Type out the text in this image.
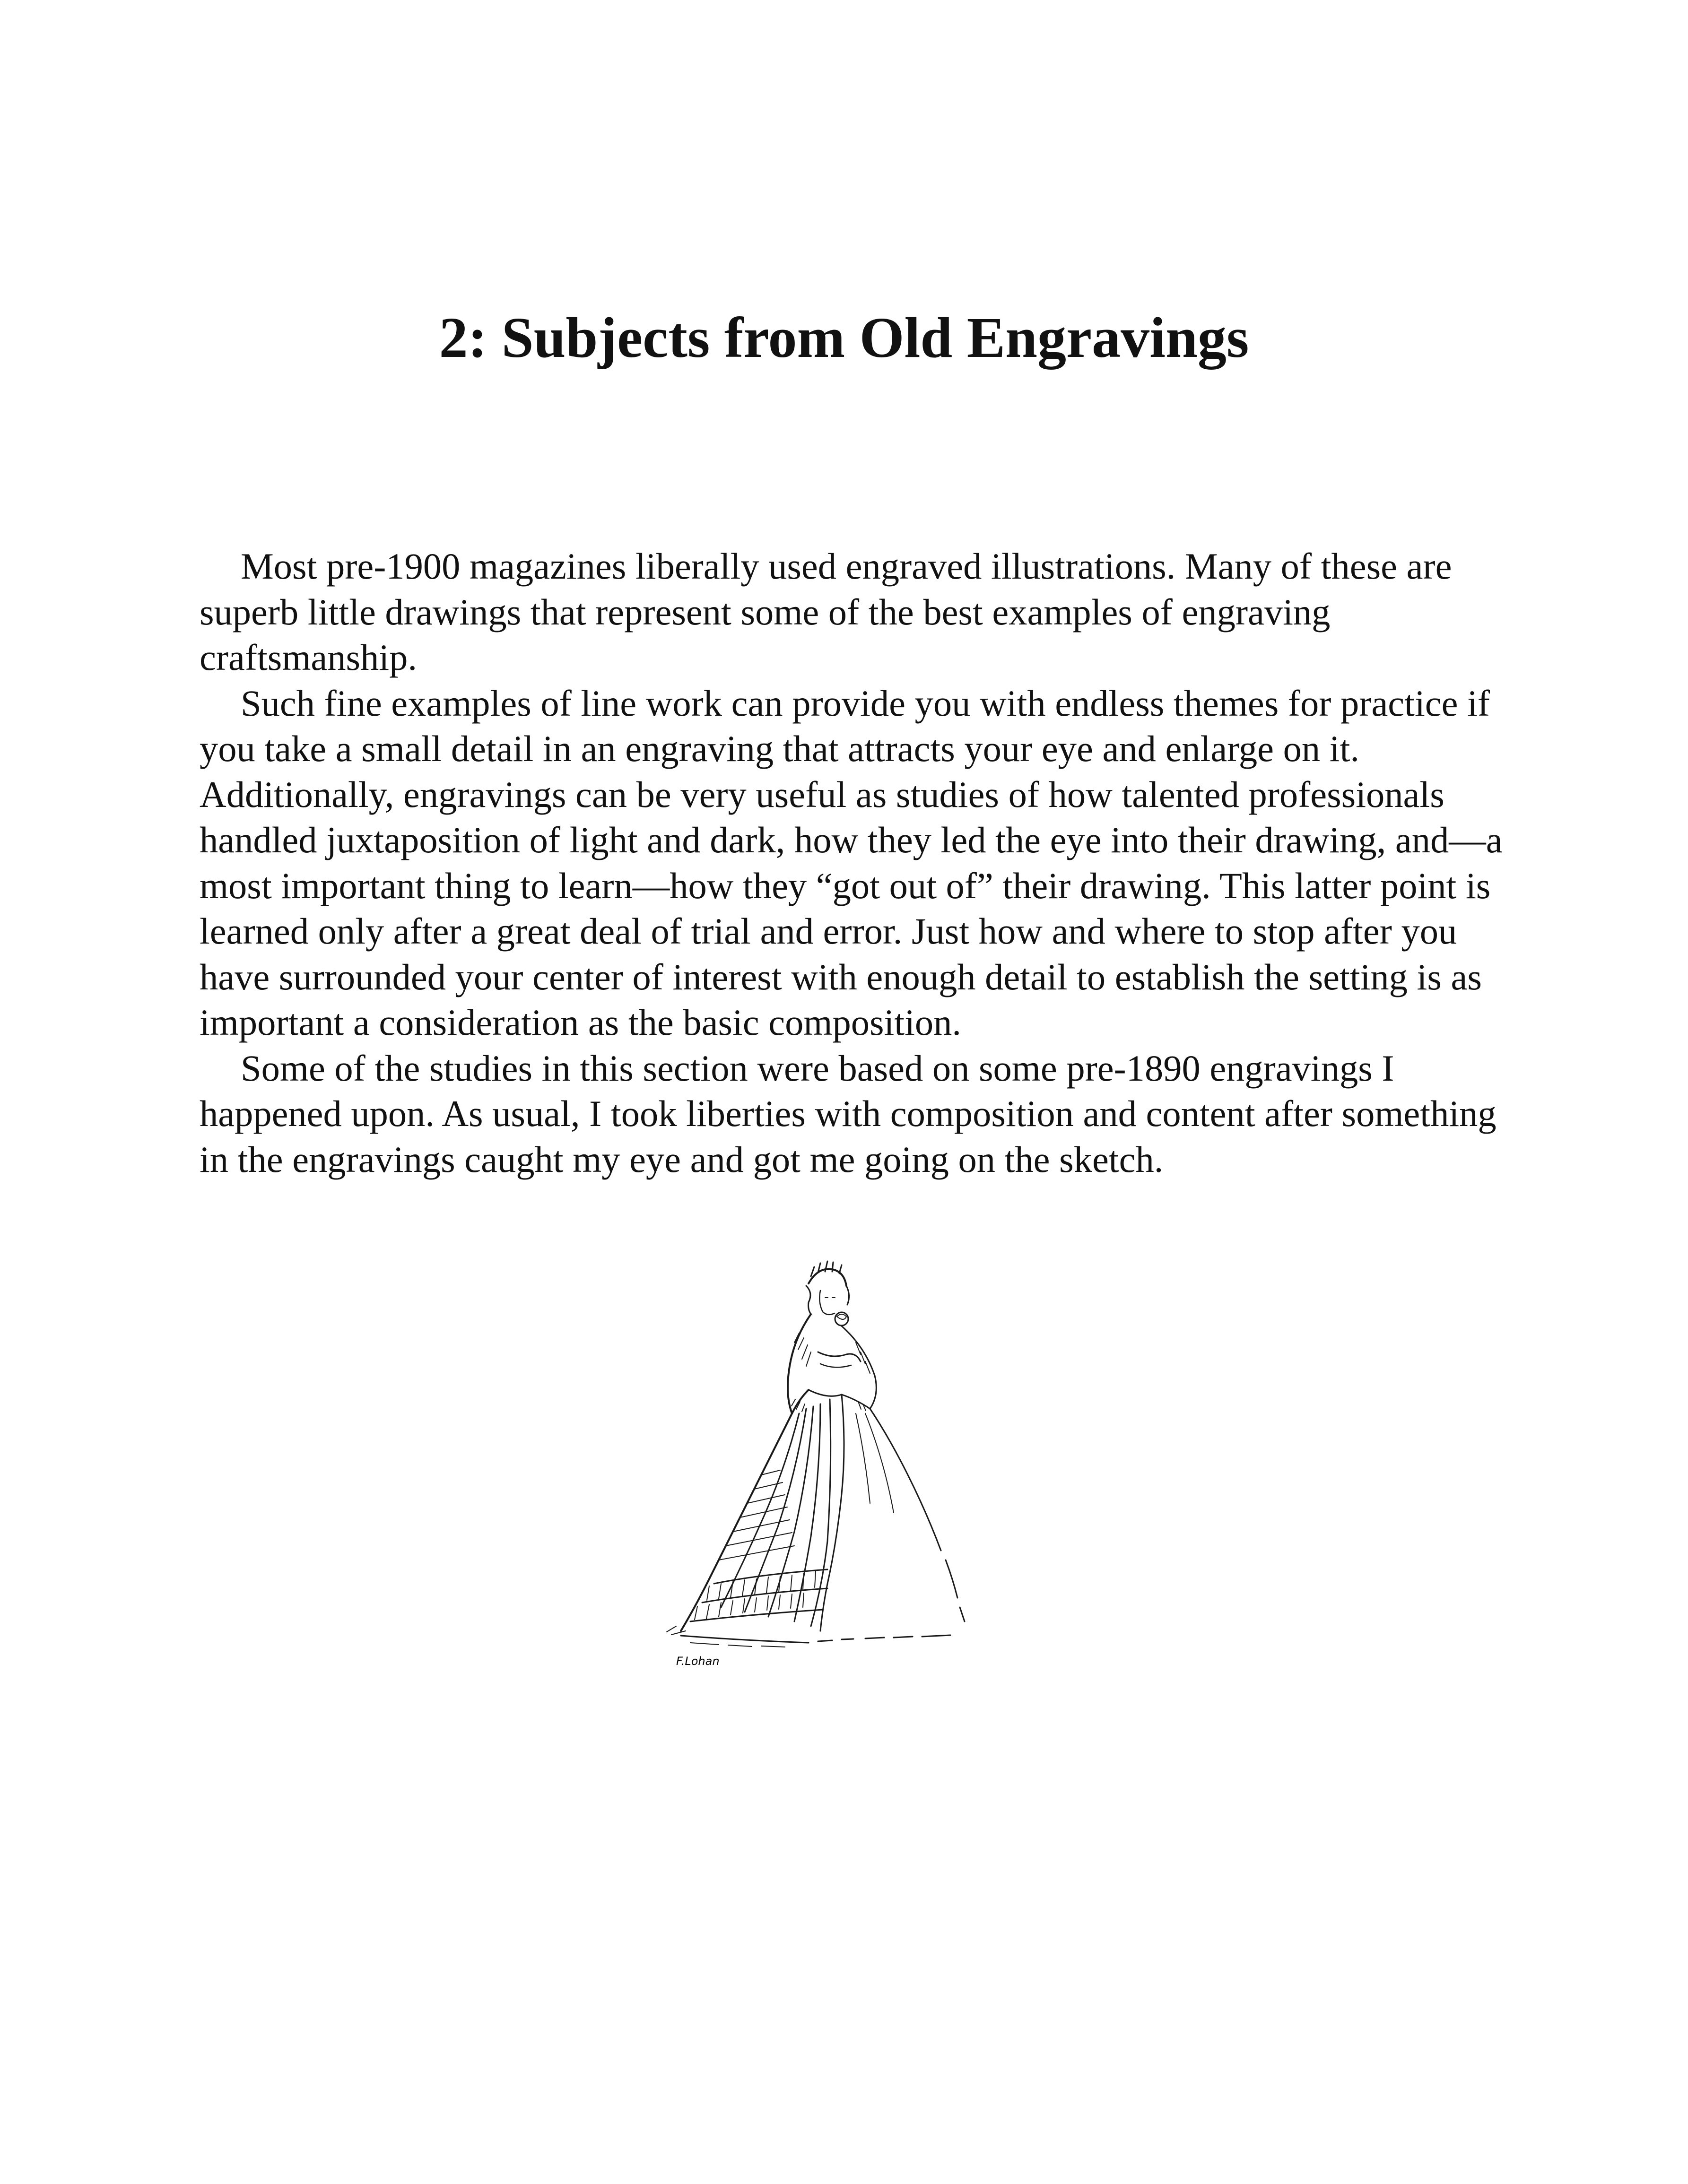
2: Subjects from Old Engravings

Most pre-1900 magazines liberally used engraved illustrations. Many of these are superb little drawings that represent some of the best examples of engraving craftsmanship.

Such fine examples of line work can provide you with endless themes for practice if you take a small detail in an engraving that attracts your eye and enlarge on it. Additionally, engravings can be very useful as studies of how talented professionals handled juxtaposition of light and dark, how they led the eye into their drawing, and—a most important thing to learn—how they “got out of” their drawing. This latter point is learned only after a great deal of trial and error. Just how and where to stop after you have surrounded your center of interest with enough detail to establish the setting is as important a consideration as the basic composition.

Some of the studies in this section were based on some pre-1890 engravings I happened upon. As usual, I took liberties with composition and content after something in the engravings caught my eye and got me going on the sketch.

F.Lohan
